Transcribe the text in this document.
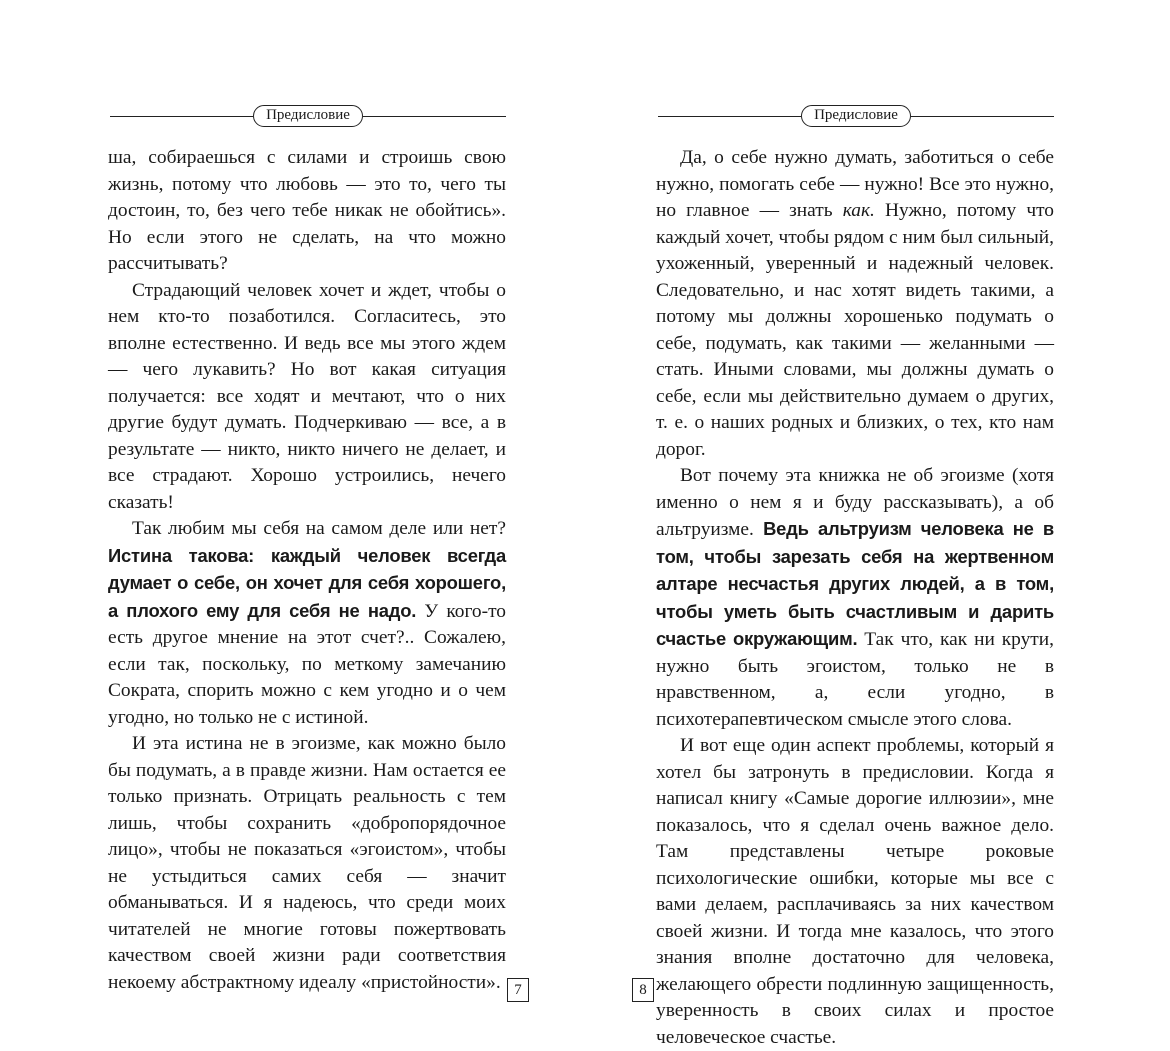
Предисловие

ша, собираешься с силами и строишь свою жизнь, потому что любовь — это то, чего ты достоин, то, без чего тебе никак не обойтись». Но если этого не сделать, на что можно рассчитывать?

Страдающий человек хочет и ждет, чтобы о нем кто-то позаботился. Согласитесь, это вполне естественно. И ведь все мы этого ждем — чего лукавить? Но вот какая ситуация получается: все ходят и мечтают, что о них другие будут думать. Подчеркиваю — все, а в результате — никто, никто ничего не делает, и все страдают. Хорошо устроились, нечего сказать!

Так любим мы себя на самом деле или нет? Истина такова: каждый человек всегда думает о себе, он хочет для себя хорошего, а плохого ему для себя не надо. У кого-то есть другое мнение на этот счет?.. Сожалею, если так, поскольку, по меткому замечанию Сократа, спорить можно с кем угодно и о чем угодно, но только не с истиной.

И эта истина не в эгоизме, как можно было бы подумать, а в правде жизни. Нам остается ее только признать. Отрицать реальность с тем лишь, чтобы сохранить «добропорядочное лицо», чтобы не показаться «эгоистом», чтобы не устыдиться самих себя — значит обманываться. И я надеюсь, что среди моих читателей не многие готовы пожертвовать качеством своей жизни ради соответствия некоему абстрактному идеалу «пристойности». 7
Предисловие

Да, о себе нужно думать, заботиться о себе нужно, помогать себе — нужно! Все это нужно, но главное — знать как. Нужно, потому что каждый хочет, чтобы рядом с ним был сильный, ухоженный, уверенный и надежный человек. Следовательно, и нас хотят видеть такими, а потому мы должны хорошенько подумать о себе, подумать, как такими — желанными — стать. Иными словами, мы должны думать о себе, если мы действительно думаем о других, т. е. о наших родных и близких, о тех, кто нам дорог.

Вот почему эта книжка не об эгоизме (хотя именно о нем я и буду рассказывать), а об альтруизме. Ведь альтруизм человека не в том, чтобы зарезать себя на жертвенном алтаре несчастья других людей, а в том, чтобы уметь быть счастливым и дарить счастье окружающим. Так что, как ни крути, нужно быть эгоистом, только не в нравственном, а, если угодно, в психотерапевтическом смысле этого слова.

И вот еще один аспект проблемы, который я хотел бы затронуть в предисловии. Когда я написал книгу «Самые дорогие иллюзии», мне показалось, что я сделал очень важное дело. Там представлены четыре роковые психологические ошибки, которые мы все с вами делаем, расплачиваясь за них качеством своей жизни. И тогда мне казалось, что этого знания вполне достаточно для человека, желающего обрести подлинную защищенность, уверенность в своих силах и простое человеческое счастье.

8
